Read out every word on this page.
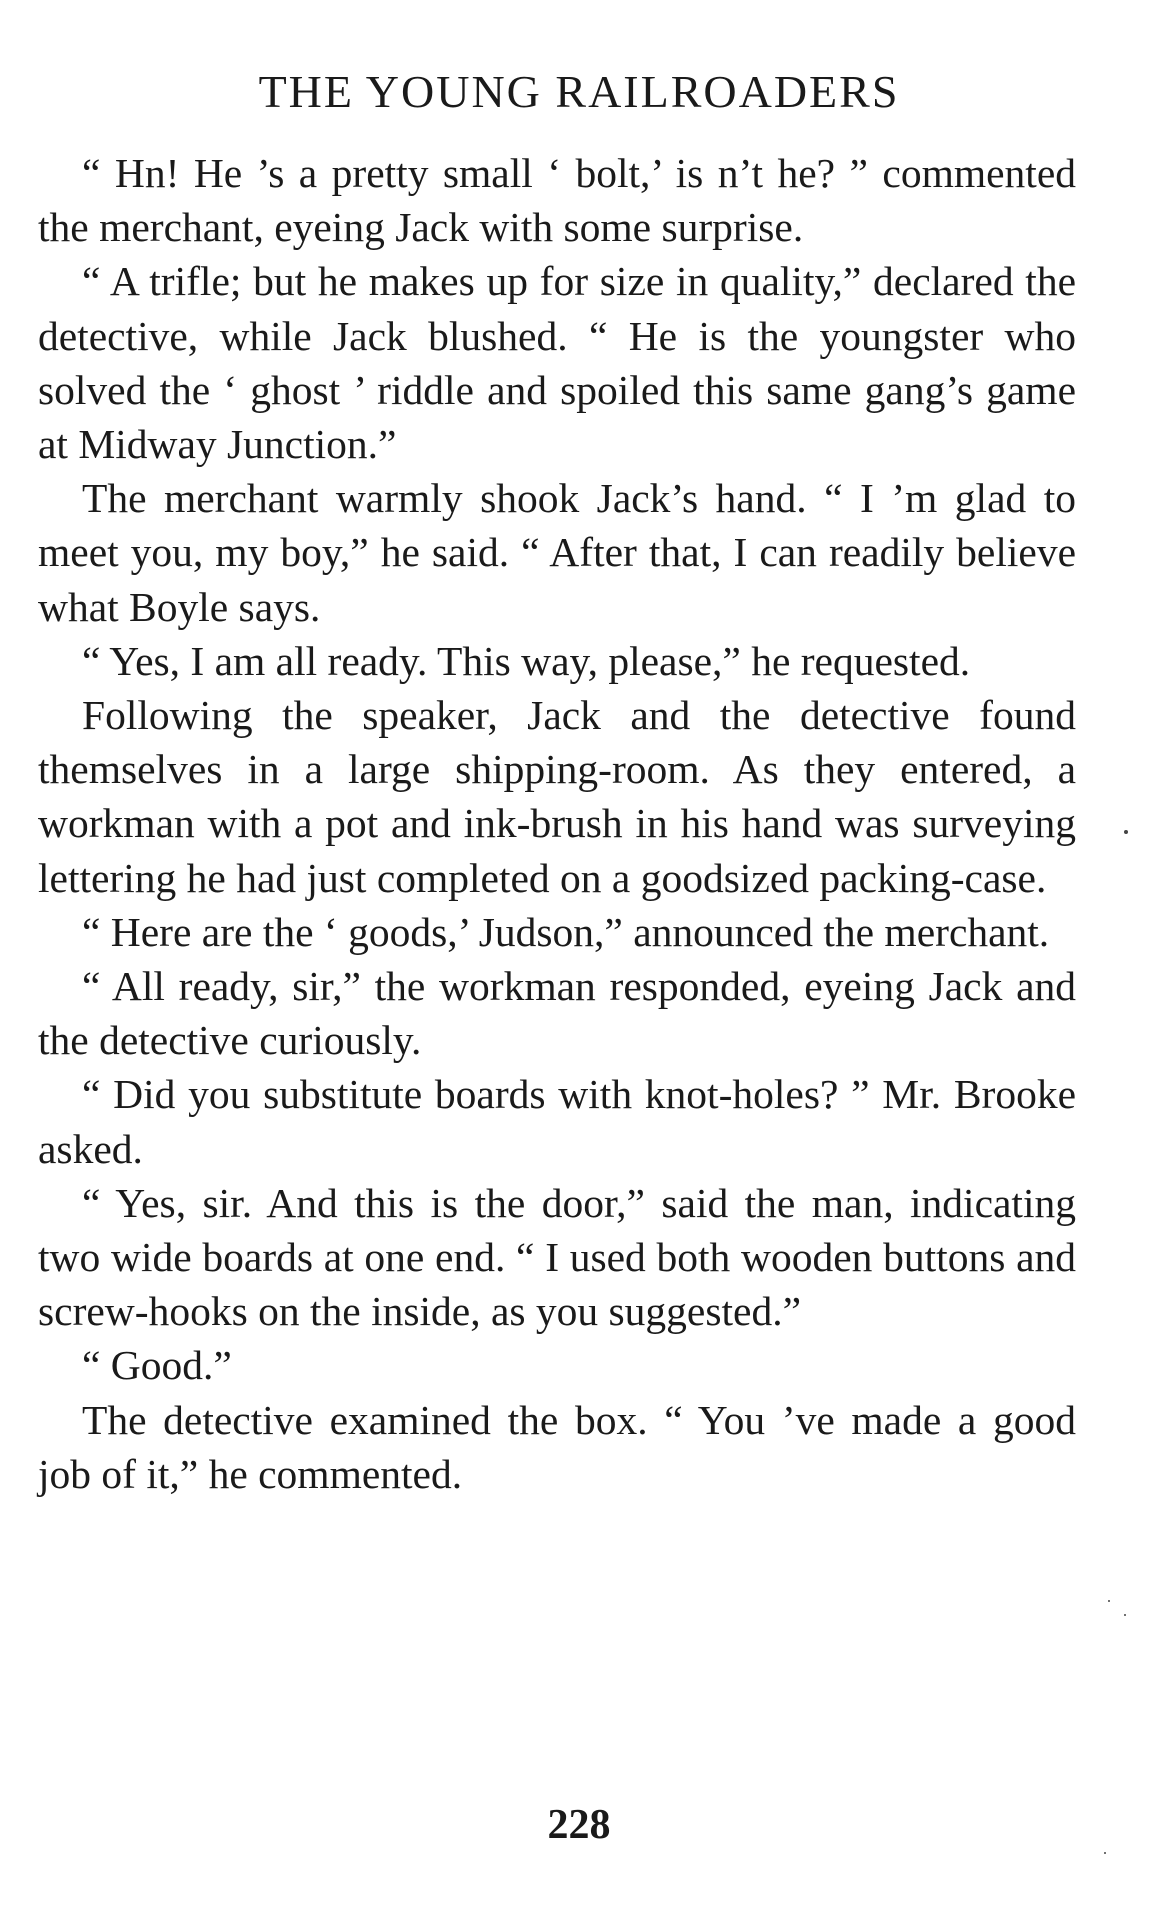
THE YOUNG RAILROADERS

“ Hn! He ’s a pretty small ‘ bolt,’ is n’t he? ” commented the merchant, eyeing Jack with some surprise.

“ A trifle; but he makes up for size in quality,” declared the detective, while Jack blushed. “ He is the youngster who solved the ‘ ghost ’ riddle and spoiled this same gang’s game at Midway Junction.”

The merchant warmly shook Jack’s hand. “ I ’m glad to meet you, my boy,” he said. “ After that, I can readily believe what Boyle says.

“ Yes, I am all ready. This way, please,” he requested.

Following the speaker, Jack and the detective found themselves in a large shipping-room. As they entered, a workman with a pot and ink-brush in his hand was surveying lettering he had just completed on a goodsized packing-case.

“ Here are the ‘ goods,’ Judson,” announced the merchant.

“ All ready, sir,” the workman responded, eyeing Jack and the detective curiously.

“ Did you substitute boards with knot-holes? ” Mr. Brooke asked.

“ Yes, sir. And this is the door,” said the man, indicating two wide boards at one end. “ I used both wooden buttons and screw-hooks on the inside, as you suggested.”

“ Good.”

The detective examined the box. “ You ’ve made a good job of it,” he commented.

228
